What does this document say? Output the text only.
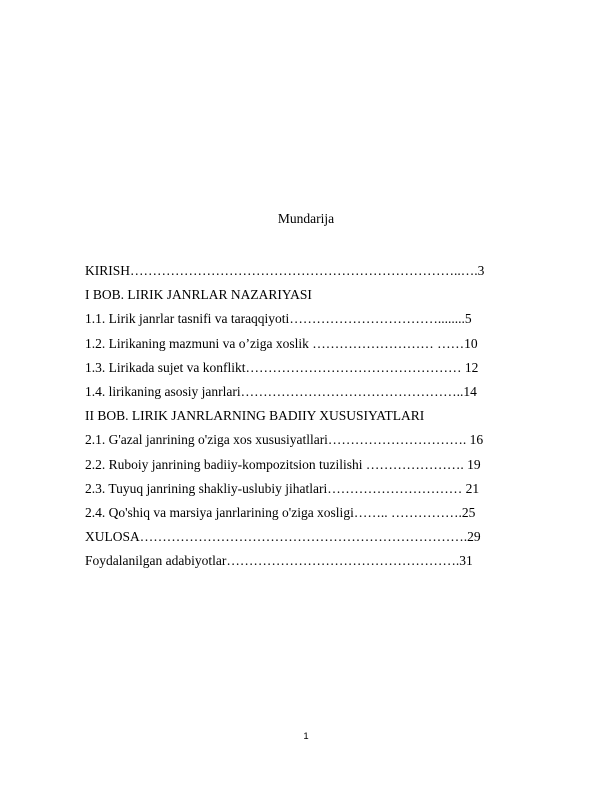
Mundarija
KIRISH………………………………………………………………..….3
I BOB. LIRIK JANRLAR NAZARIYASI
1.1. Lirik janrlar tasnifi va taraqqiyoti……………………………........5
1.2. Lirikaning mazmuni va o’ziga xoslik ……………………… ……10
1.3. Lirikada sujet va konflikt………………………………………… 12
1.4. lirikaning asosiy janrlari…………………………………………..14
II BOB. LIRIK JANRLARNING BADIIY XUSUSIYATLARI
2.1. G'azal janrining o'ziga xos xususiyatllari…………………………. 16
2.2. Ruboiy janrining badiiy-kompozitsion tuzilishi …………………. 19
2.3. Tuyuq janrining shakliy-uslubiy jihatlari………………………… 21
2.4. Qo'shiq va marsiya janrlarining o'ziga xosligi…….. …………….25
XULOSA……………………………………………………………….29
Foydalanilgan adabiyotlar…………………………………………….31
1
